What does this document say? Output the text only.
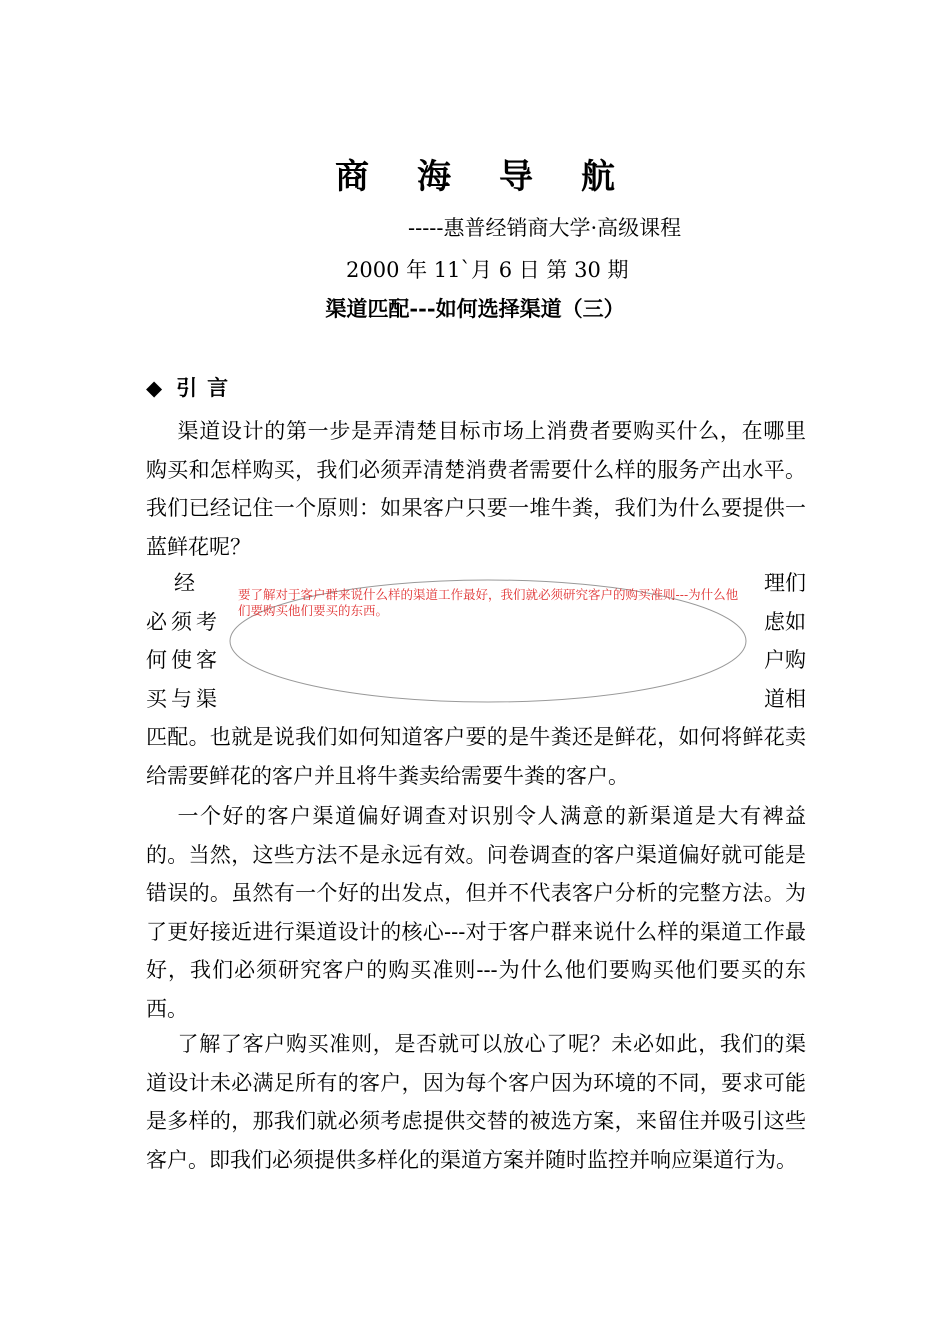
商海导航
-----惠普经销商大学·高级课程
2000 年 11`月 6 日 第 30 期
渠道匹配---如何选择渠道（三）
◆ 引言

渠道设计的第一步是弄清楚目标市场上消费者要购买什么，在哪里购买和怎样购买，我们必须弄清楚消费者需要什么样的服务产出水平。我们已经记住一个原则：如果客户只要一堆牛粪，我们为什么要提供一蓝鲜花呢？

经
必须考
何使客
买与渠
理们
虑如
户购
道相
要了解对于客户群来说什么样的渠道工作最好，我们就必须研究客户的购买准则---为什么他们要购买他们要买的东西。

匹配。也就是说我们如何知道客户要的是牛粪还是鲜花，如何将鲜花卖给需要鲜花的客户并且将牛粪卖给需要牛粪的客户。

一个好的客户渠道偏好调查对识别令人满意的新渠道是大有裨益的。当然，这些方法不是永远有效。问卷调查的客户渠道偏好就可能是错误的。虽然有一个好的出发点，但并不代表客户分析的完整方法。为了更好接近进行渠道设计的核心---对于客户群来说什么样的渠道工作最好，我们必须研究客户的购买准则---为什么他们要购买他们要买的东西。

了解了客户购买准则，是否就可以放心了呢？未必如此，我们的渠道设计未必满足所有的客户，因为每个客户因为环境的不同，要求可能是多样的，那我们就必须考虑提供交替的被选方案，来留住并吸引这些客户。即我们必须提供多样化的渠道方案并随时监控并响应渠道行为。
